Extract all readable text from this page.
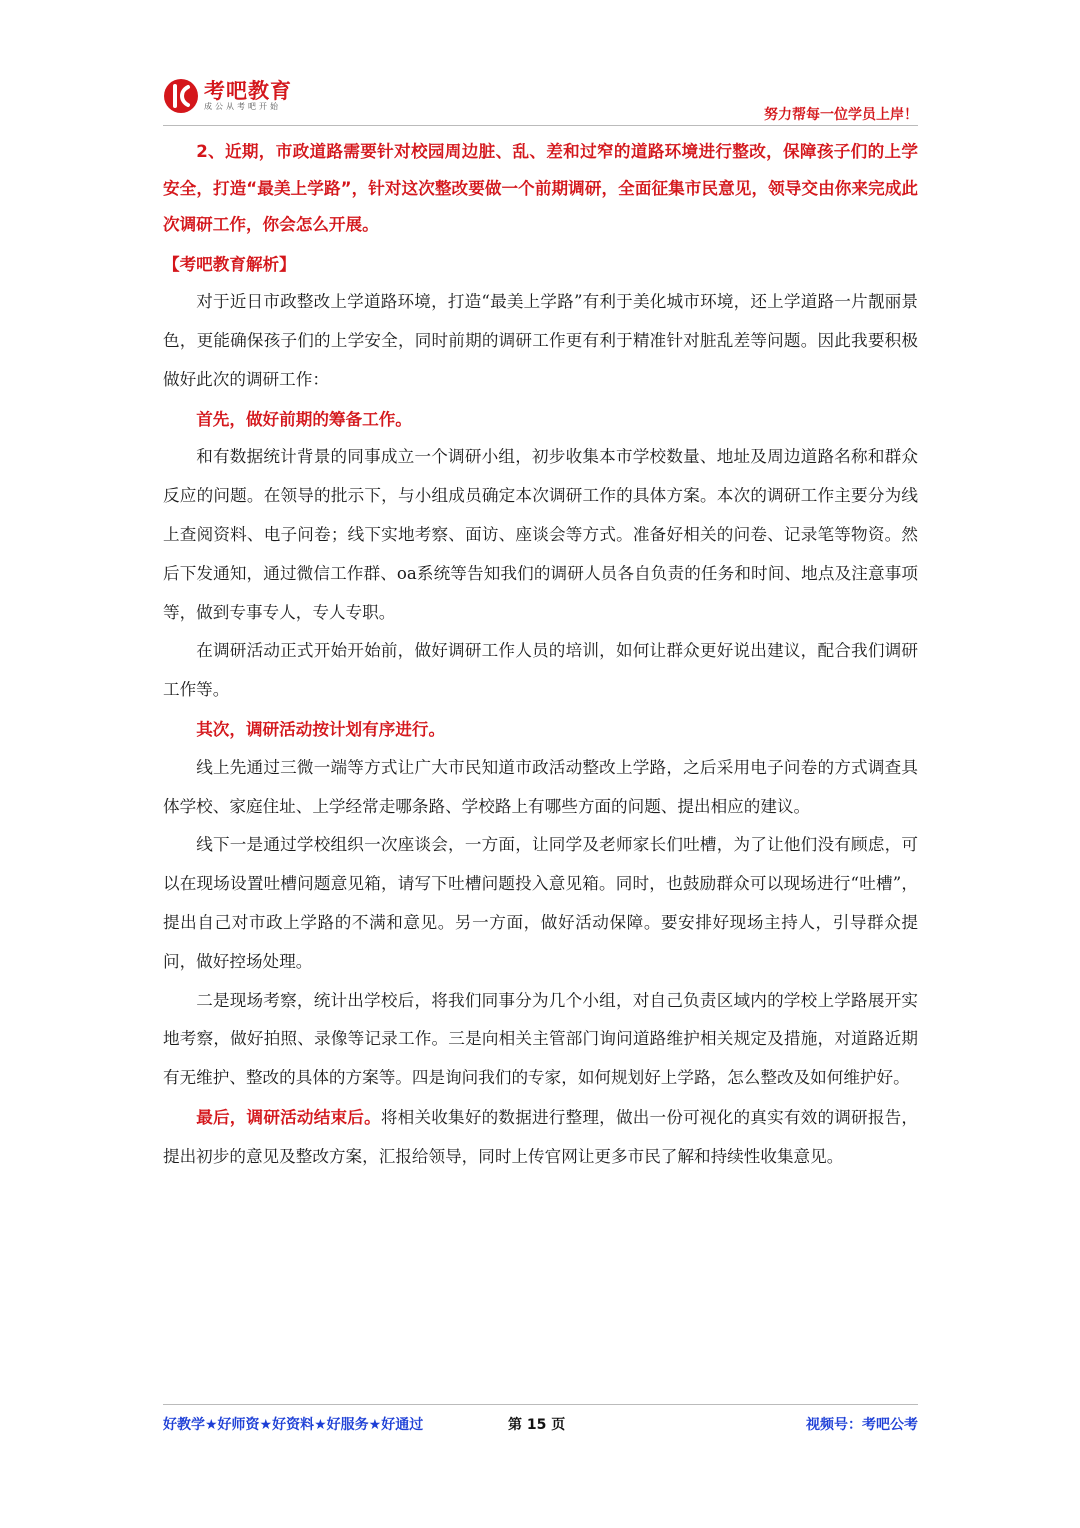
考吧教育
成公从考吧开始
努力帮每一位学员上岸！

2、近期，市政道路需要针对校园周边脏、乱、差和过窄的道路环境进行整改，保障孩子们的上学安全，打造“最美上学路”，针对这次整改要做一个前期调研，全面征集市民意见，领导交由你来完成此次调研工作，你会怎么开展。

【考吧教育解析】

对于近日市政整改上学道路环境，打造“最美上学路”有利于美化城市环境，还上学道路一片靓丽景色，更能确保孩子们的上学安全，同时前期的调研工作更有利于精准针对脏乱差等问题。因此我要积极做好此次的调研工作：

首先，做好前期的筹备工作。

和有数据统计背景的同事成立一个调研小组，初步收集本市学校数量、地址及周边道路名称和群众反应的问题。在领导的批示下，与小组成员确定本次调研工作的具体方案。本次的调研工作主要分为线上查阅资料、电子问卷；线下实地考察、面访、座谈会等方式。准备好相关的问卷、记录笔等物资。然后下发通知，通过微信工作群、oa系统等告知我们的调研人员各自负责的任务和时间、地点及注意事项等，做到专事专人，专人专职。

在调研活动正式开始开始前，做好调研工作人员的培训，如何让群众更好说出建议，配合我们调研工作等。

其次，调研活动按计划有序进行。

线上先通过三微一端等方式让广大市民知道市政活动整改上学路，之后采用电子问卷的方式调查具体学校、家庭住址、上学经常走哪条路、学校路上有哪些方面的问题、提出相应的建议。

线下一是通过学校组织一次座谈会，一方面，让同学及老师家长们吐槽，为了让他们没有顾虑，可以在现场设置吐槽问题意见箱，请写下吐槽问题投入意见箱。同时，也鼓励群众可以现场进行“吐槽”，提出自己对市政上学路的不满和意见。另一方面，做好活动保障。要安排好现场主持人，引导群众提问，做好控场处理。

二是现场考察，统计出学校后，将我们同事分为几个小组，对自己负责区域内的学校上学路展开实地考察，做好拍照、录像等记录工作。三是向相关主管部门询问道路维护相关规定及措施，对道路近期有无维护、整改的具体的方案等。四是询问我们的专家，如何规划好上学路，怎么整改及如何维护好。

最后，调研活动结束后。将相关收集好的数据进行整理，做出一份可视化的真实有效的调研报告，提出初步的意见及整改方案，汇报给领导，同时上传官网让更多市民了解和持续性收集意见。

好教学★好师资★好资料★好服务★好通过	第 15 页	视频号：考吧公考
